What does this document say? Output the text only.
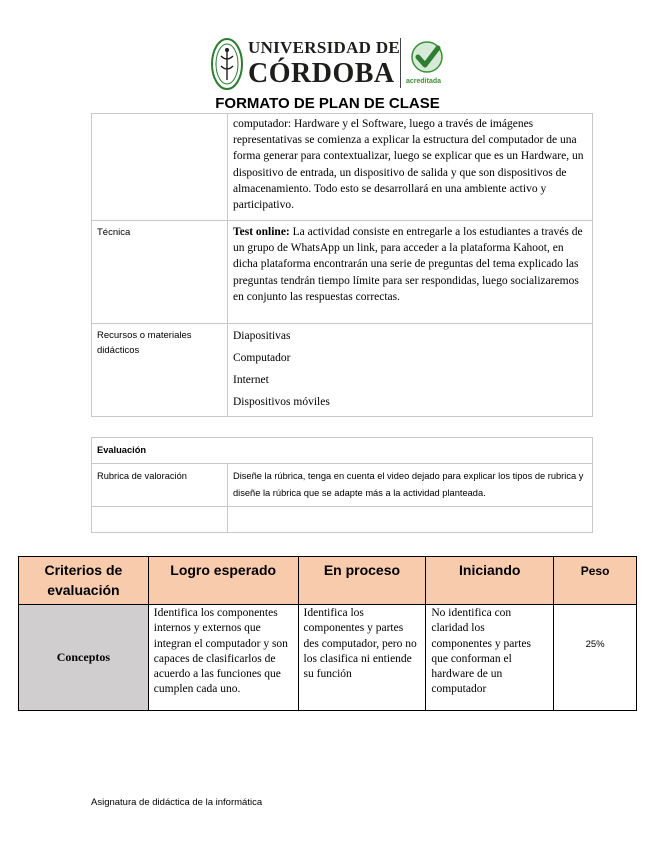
UNIVERSIDAD DE
CÓRDOBA acreditada
FORMATO DE PLAN DE CLASE
	computador: Hardware y el Software, luego a través de imágenes representativas se comienza a explicar la estructura del computador de una forma generar para contextualizar, luego se explicar que es un Hardware, un dispositivo de entrada, un dispositivo de salida y que son dispositivos de almacenamiento. Todo esto se desarrollará en una ambiente activo y participativo.
Técnica	Test online: La actividad consiste en entregarle a los estudiantes a través de un grupo de WhatsApp un link, para acceder a la plataforma Kahoot, en dicha plataforma encontrarán una serie de preguntas del tema explicado las preguntas tendrán tiempo límite para ser respondidas, luego socializaremos en conjunto las respuestas correctas.
Recursos o materiales didácticos	Diapositivas
Computador
Internet
Dispositivos móviles
Evaluación	
Rubrica de valoración	Diseñe la rúbrica, tenga en cuenta el video dejado para explicar los tipos de rubrica y diseñe la rúbrica que se adapte más a la actividad planteada.

Criterios de evaluación	Logro esperado	En proceso	Iniciando	Peso
Conceptos	Identifica los componentes internos y externos que integran el computador y son capaces de clasificarlos de acuerdo a las funciones que cumplen cada uno.	Identifica los componentes y partes des computador, pero no los clasifica ni entiende su función	No identifica con claridad los componentes y partes que conforman el hardware de un computador	25%
Asignatura de didáctica de la informática
